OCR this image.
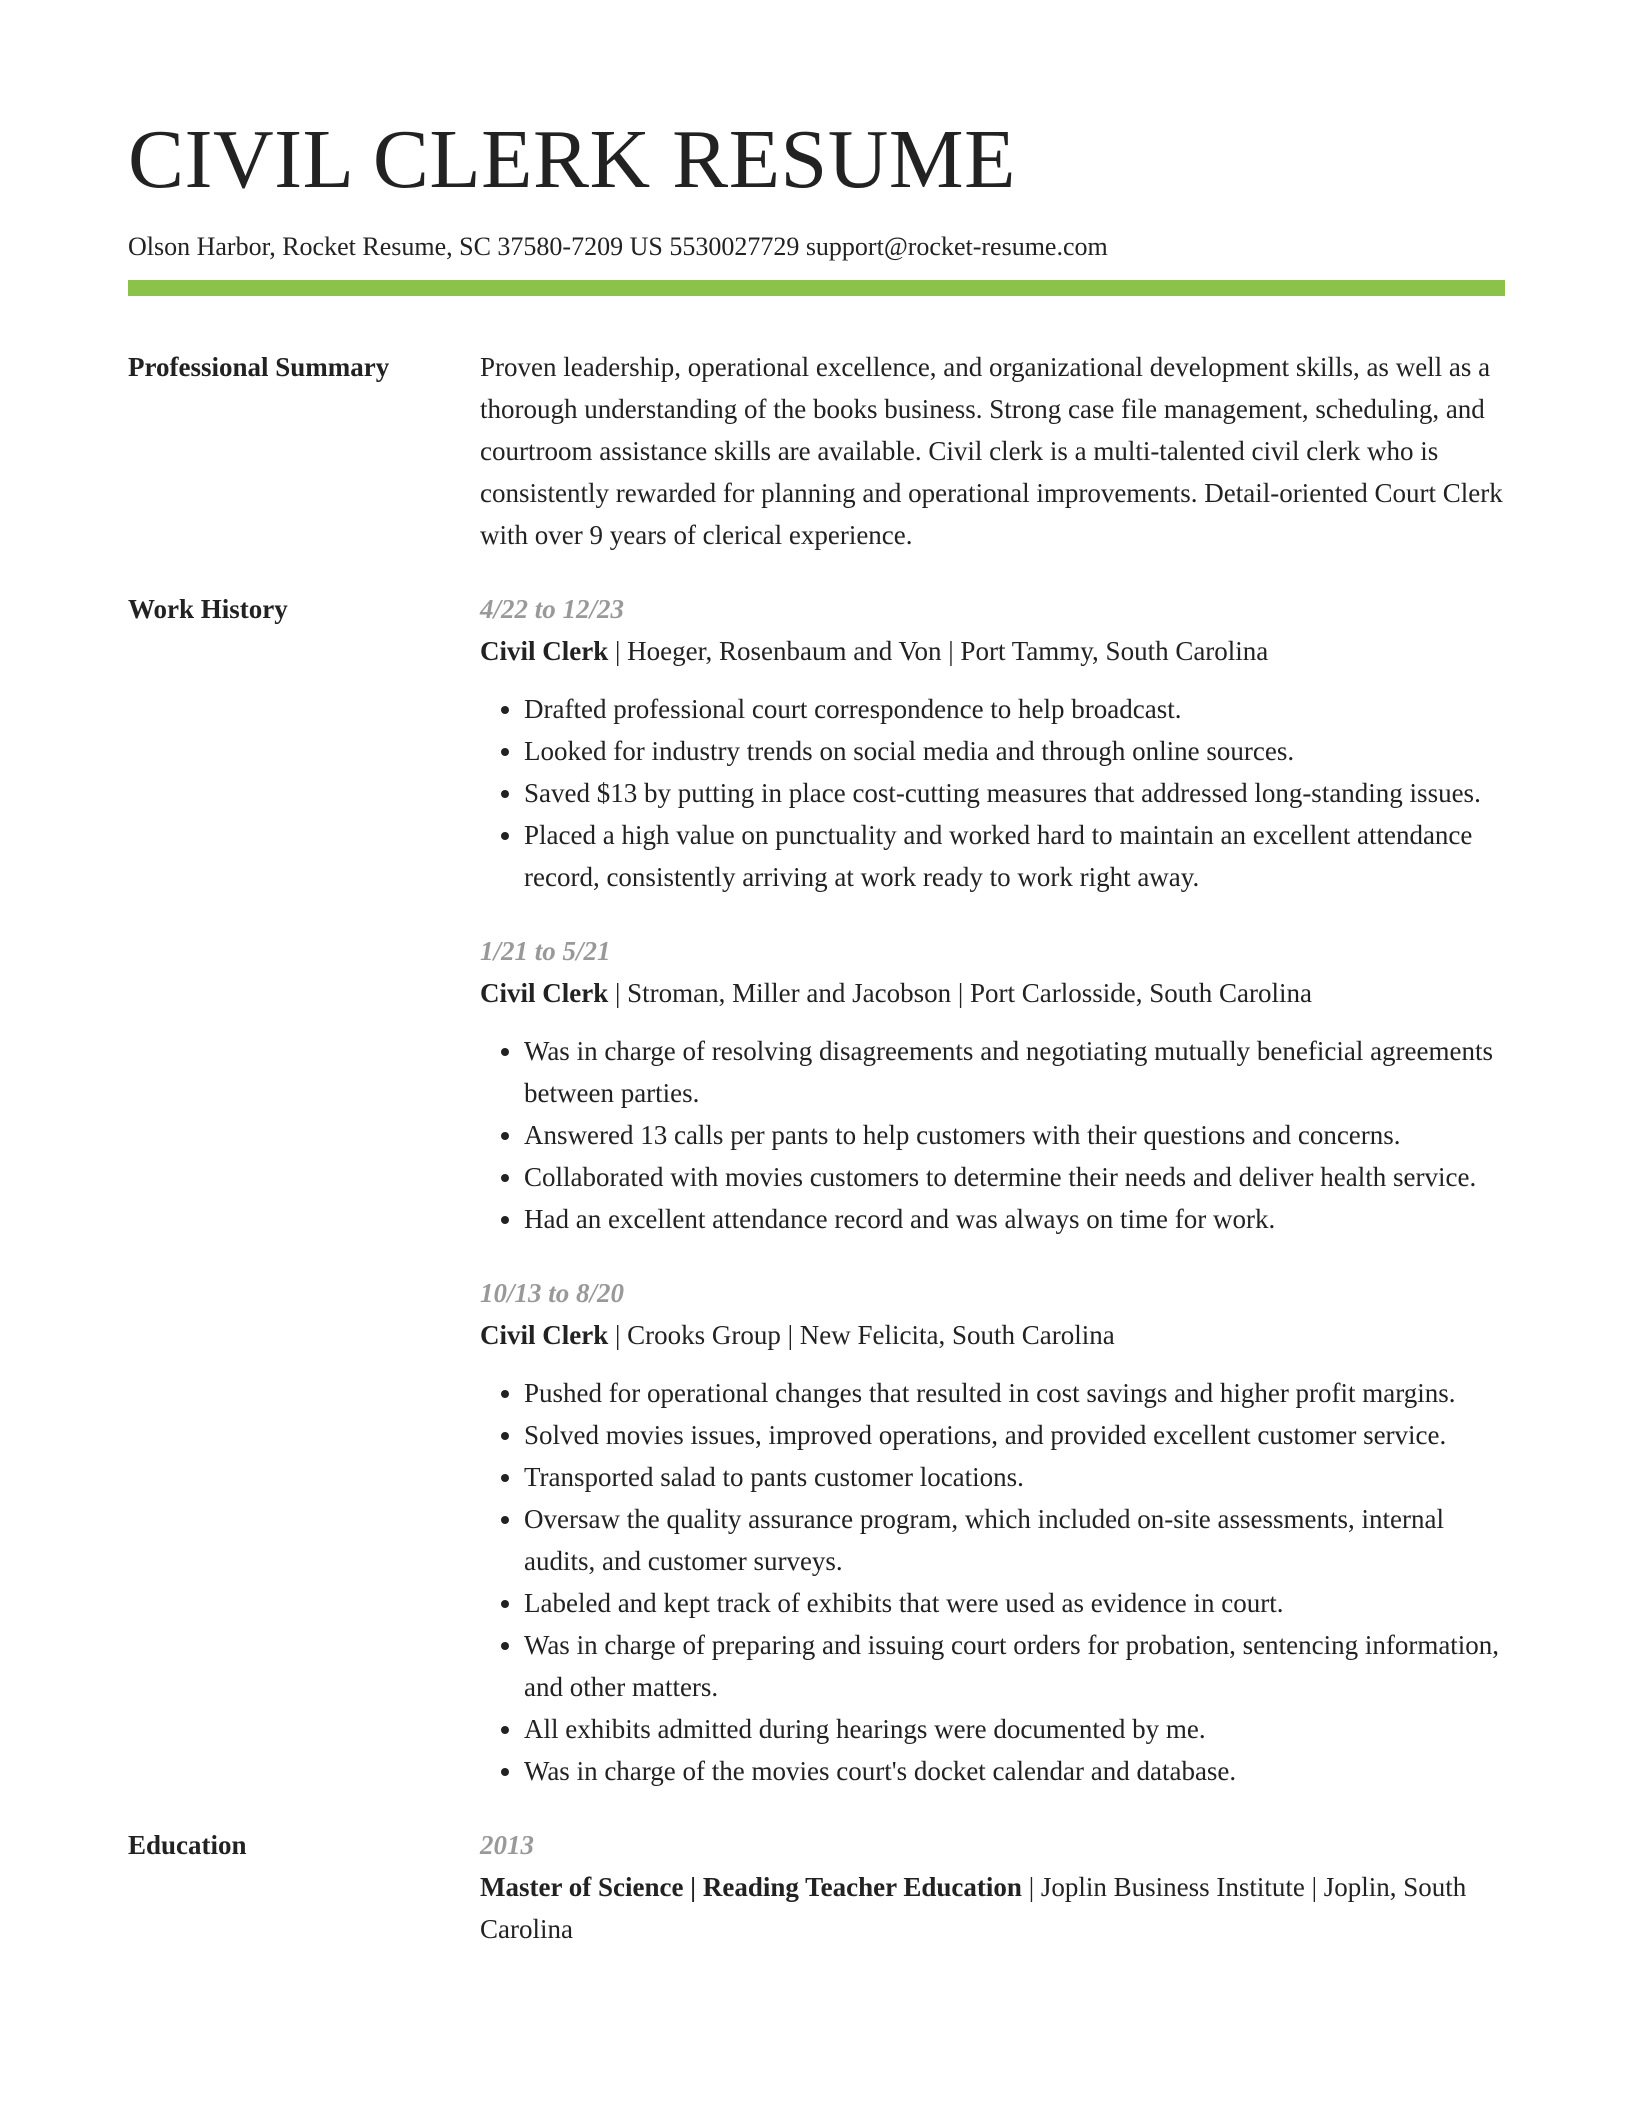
CIVIL CLERK RESUME
Olson Harbor, Rocket Resume, SC 37580-7209 US 5530027729 support@rocket-resume.com
Professional Summary	Proven leadership, operational excellence, and organizational development skills, as well as a thorough understanding of the books business. Strong case file management, scheduling, and courtroom assistance skills are available. Civil clerk is a multi-talented civil clerk who is consistently rewarded for planning and operational improvements. Detail-oriented Court Clerk with over 9 years of clerical experience.

Work History	4/22 to 12/23

Civil Clerk | Hoeger, Rosenbaum and Von | Port Tammy, South Carolina

• Drafted professional court correspondence to help broadcast.
• Looked for industry trends on social media and through online sources.
• Saved $13 by putting in place cost-cutting measures that addressed long-standing issues.
• Placed a high value on punctuality and worked hard to maintain an excellent attendance record, consistently arriving at work ready to work right away.
1/21 to 5/21

Civil Clerk | Stroman, Miller and Jacobson | Port Carlosside, South Carolina

• Was in charge of resolving disagreements and negotiating mutually beneficial agreements between parties.
• Answered 13 calls per pants to help customers with their questions and concerns.
• Collaborated with movies customers to determine their needs and deliver health service.
• Had an excellent attendance record and was always on time for work.
10/13 to 8/20

Civil Clerk | Crooks Group | New Felicita, South Carolina

• Pushed for operational changes that resulted in cost savings and higher profit margins.
• Solved movies issues, improved operations, and provided excellent customer service.
• Transported salad to pants customer locations.
• Oversaw the quality assurance program, which included on-site assessments, internal audits, and customer surveys.
• Labeled and kept track of exhibits that were used as evidence in court.
• Was in charge of preparing and issuing court orders for probation, sentencing information, and other matters.
• All exhibits admitted during hearings were documented by me.
• Was in charge of the movies court's docket calendar and database.
Education	2013

Master of Science | Reading Teacher Education | Joplin Business Institute | Joplin, South Carolina
